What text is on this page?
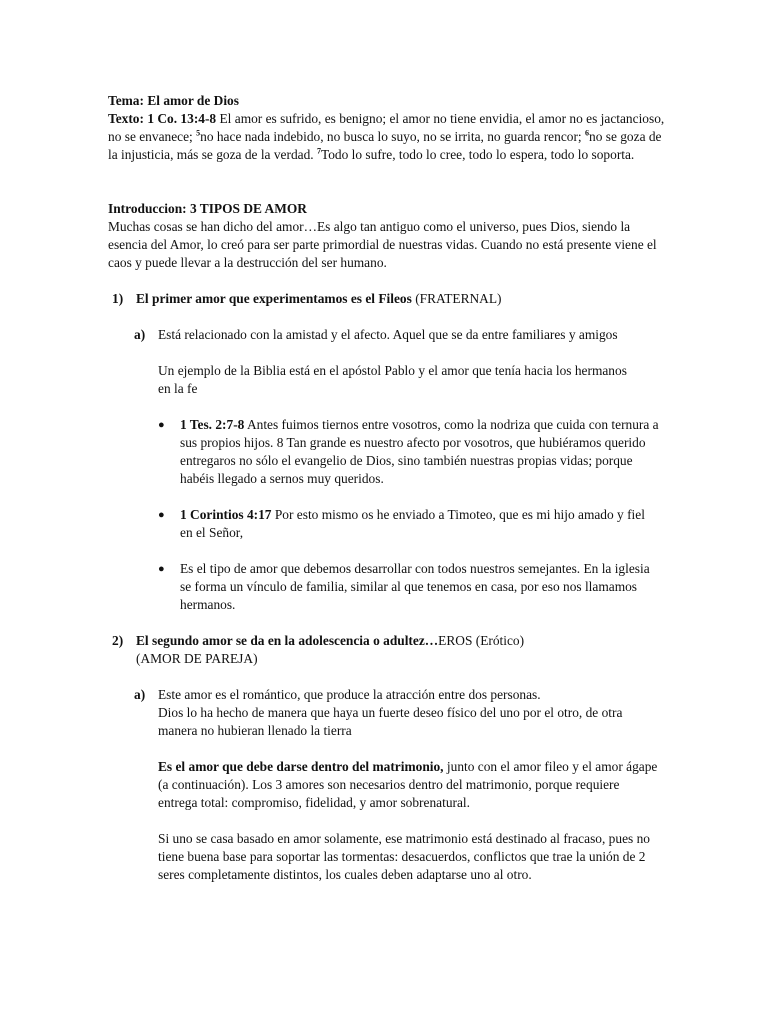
Tema: El amor de Dios
Texto: 1 Co. 13:4-8 El amor es sufrido, es benigno; el amor no tiene envidia, el amor no es jactancioso, no se envanece; $^5$no hace nada indebido, no busca lo suyo, no se irrita, no guarda rencor; $^6$no se goza de la injusticia, más se goza de la verdad. $^7$Todo lo sufre, todo lo cree, todo lo espera, todo lo soporta.
Introduccion: 3 TIPOS DE AMOR
Muchas cosas se han dicho del amor…Es algo tan antiguo como el universo, pues Dios, siendo la esencia del Amor, lo creó para ser parte primordial de nuestras vidas. Cuando no está presente viene el caos y puede llevar a la destrucción del ser humano.
1) El primer amor que experimentamos es el Fileos (FRATERNAL)
a) Está relacionado con la amistad y el afecto. Aquel que se da entre familiares y amigos
Un ejemplo de la Biblia está en el apóstol Pablo y el amor que tenía hacia los hermanos en la fe
● 1 Tes. 2:7-8 Antes fuimos tiernos entre vosotros, como la nodriza que cuida con ternura a sus propios hijos. 8 Tan grande es nuestro afecto por vosotros, que hubiéramos querido entregaros no sólo el evangelio de Dios, sino también nuestras propias vidas; porque habéis llegado a sernos muy queridos.
● 1 Corintios 4:17 Por esto mismo os he enviado a Timoteo, que es mi hijo amado y fiel en el Señor,
● Es el tipo de amor que debemos desarrollar con todos nuestros semejantes. En la iglesia se forma un vínculo de familia, similar al que tenemos en casa, por eso nos llamamos hermanos.
2) El segundo amor se da en la adolescencia o adultez…EROS (Erótico)
(AMOR DE PAREJA)
a) Este amor es el romántico, que produce la atracción entre dos personas.
Dios lo ha hecho de manera que haya un fuerte deseo físico del uno por el otro, de otra manera no hubieran llenado la tierra
Es el amor que debe darse dentro del matrimonio, junto con el amor fileo y el amor ágape (a continuación). Los 3 amores son necesarios dentro del matrimonio, porque requiere entrega total: compromiso, fidelidad, y amor sobrenatural.
Si uno se casa basado en amor solamente, ese matrimonio está destinado al fracaso, pues no tiene buena base para soportar las tormentas: desacuerdos, conflictos que trae la unión de 2 seres completamente distintos, los cuales deben adaptarse uno al otro.
